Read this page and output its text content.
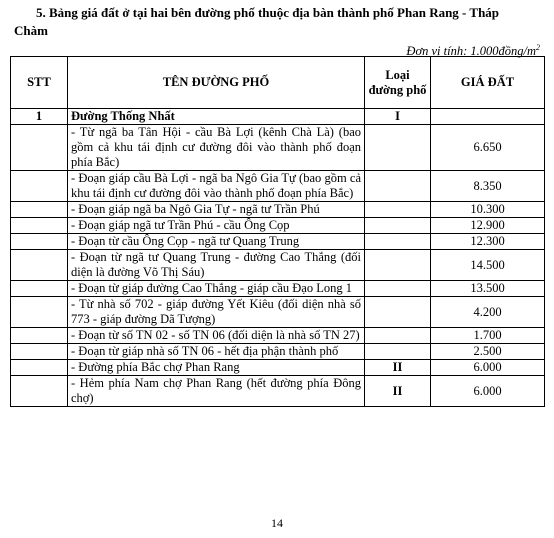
5. Bảng giá đất ở tại hai bên đường phố thuộc địa bàn thành phố Phan Rang - Tháp
Chàm
Đơn vị tính: $1.000đồng/m^2$
STT	TÊN ĐƯỜNG PHỐ	Loại đường phố	GIÁ ĐẤT
1	Đường Thống Nhất	I	
	- Từ ngã ba Tân Hội - cầu Bà Lợi (kênh Chà Là) (bao gồm cả khu tái định cư đường đôi vào thành phố đoạn phía Bắc)		6.650
	- Đoạn giáp cầu Bà Lợi - ngã ba Ngô Gia Tự (bao gồm cả khu tái định cư đường đôi vào thành phố đoạn phía Bắc)		8.350
	- Đoạn giáp ngã ba Ngô Gia Tự - ngã tư Trần Phú		10.300
	- Đoạn giáp ngã tư Trần Phú - cầu Ông Cọp		12.900
	- Đoạn từ cầu Ông Cọp - ngã tư Quang Trung		12.300
	- Đoạn từ ngã tư Quang Trung - đường Cao Thắng (đối diện là đường Võ Thị Sáu)		14.500
	- Đoạn từ giáp đường Cao Thắng - giáp cầu Đạo Long 1		13.500
	- Từ nhà số 702 - giáp đường Yết Kiêu (đối diện nhà số 773 - giáp đường Dã Tượng)		4.200
	- Đoạn từ số TN 02 - số TN 06 (đối diện là nhà số TN 27)		1.700
	- Đoạn từ giáp nhà số TN 06 - hết địa phận thành phố		2.500
	- Đường phía Bắc chợ Phan Rang	II	6.000
	- Hẻm phía Nam chợ Phan Rang (hết đường phía Đông chợ)	II	6.000
14
